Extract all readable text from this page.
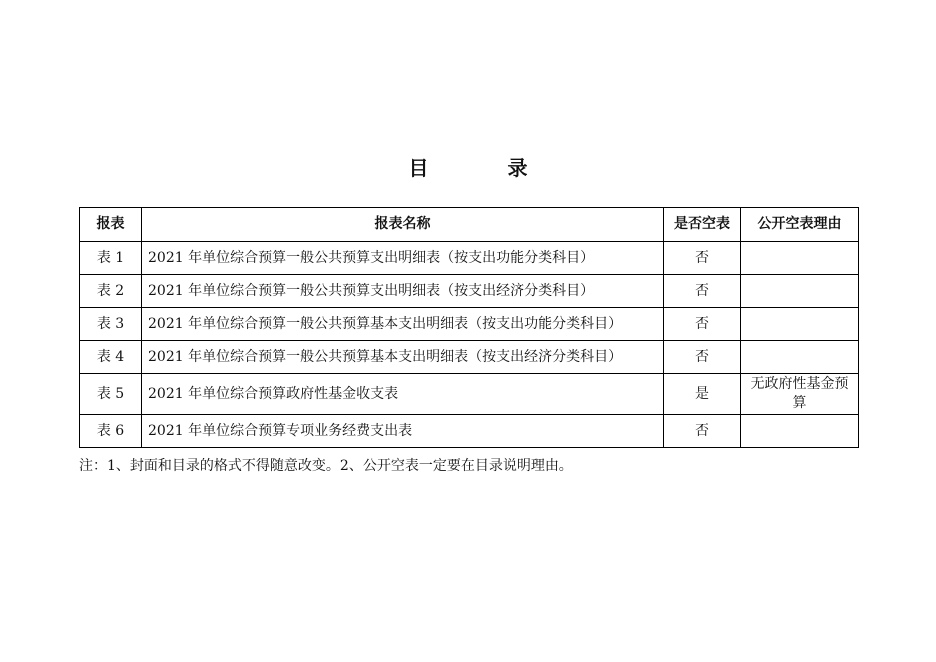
目 录
报表	报表名称	是否空表	公开空表理由
表 1	2021 年单位综合预算一般公共预算支出明细表（按支出功能分类科目）	否	
表 2	2021 年单位综合预算一般公共预算支出明细表（按支出经济分类科目）	否	
表 3	2021 年单位综合预算一般公共预算基本支出明细表（按支出功能分类科目）	否	
表 4	2021 年单位综合预算一般公共预算基本支出明细表（按支出经济分类科目）	否	
表 5	2021 年单位综合预算政府性基金收支表	是	无政府性基金预算
表 6	2021 年单位综合预算专项业务经费支出表	否	
注：1、封面和目录的格式不得随意改变。2、公开空表一定要在目录说明理由。
